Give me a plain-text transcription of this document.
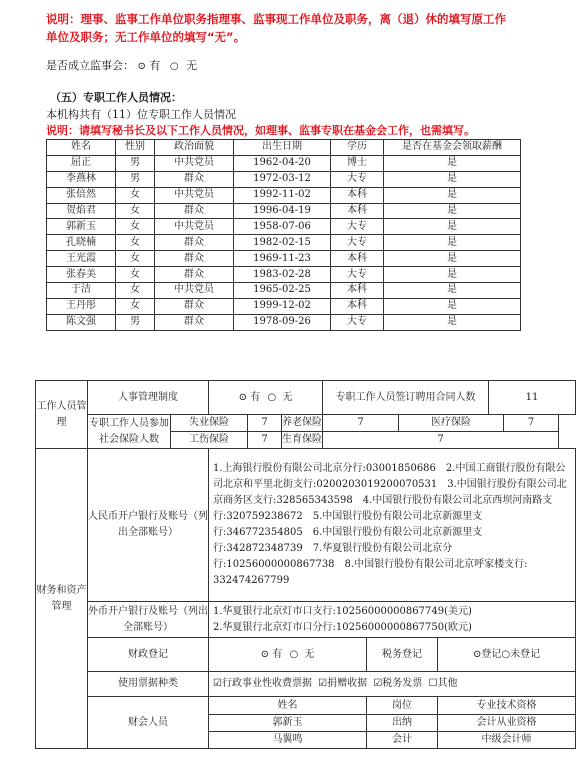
说明：理事、监事工作单位职务指理事、监事现工作单位及职务，离（退）休的填写原工作单位及职务；无工作单位的填写“无”。
是否成立监事会： ⊙ 有 ○ 无
（五）专职工作人员情况：
本机构共有（11）位专职工作人员情况
说明：请填写秘书长及以下工作人员情况，如理事、监事专职在基金会工作，也需填写。
姓名	性别	政治面貌	出生日期	学历	是否在基金会领取薪酬
屈正	男	中共党员	1962-04-20	博士	是
李燕林	男	群众	1972-03-12	大专	是
张倍然	女	中共党员	1992-11-02	本科	是
贺焰君	女	群众	1996-04-19	本科	是
郭新玉	女	中共党员	1958-07-06	大专	是
孔晓楠	女	群众	1982-02-15	大专	是
王光霞	女	群众	1969-11-23	本科	是
张春美	女	群众	1983-02-28	大专	是
于洁	女	中共党员	1965-02-25	本科	是
王丹彤	女	群众	1999-12-02	本科	是
陈文强	男	群众	1978-09-26	大专	是
工作人员管理	人事管理制度		⊙ 有 ○ 无			专职工作人员签订聘用合同人数				11	
	专职工作人员参加社会保险人数	失业保险		7	养老保险	7		医疗保险			7
		工伤保险		7	生育保险	7					
财务和资产管理	人民币开户银行及账号（列出全部账号）		1.上海银行股份有限公司北京分行:03001850686　2.中国工商银行股份有限公司北京和平里北街支行:0200203019200070531　3.中国银行股份有限公司北京商务区支行:328565343598　4.中国银行股份有限公司北京西坝河南路支行:320759238672　5.中国银行股份有限公司北京新源里支行:346772354805　6.中国银行股份有限公司北京新源里支行:342872348739　7.华夏银行股份有限公司北京分行:10256000000867738　8.中国银行股份有限公司北京呼家楼支行: 332474267799								
	外币开户银行及账号（列出全部账号）		1.华夏银行北京灯市口支行:10256000000867749(美元)
2.华夏银行北京灯市口分行:10256000000867750(欧元)								

	财政登记		⊙ 有 ○ 无				税务登记		⊙登记○未登记		
	使用票据种类		☑行政事业性收费票据 ☑捐赠收据 ☑税务发票 ☐其他								
	财会人员		姓名				岗位		专业技术资格		
			郭新玉				出纳		会计从业资格		
			马翼鸣				会计		中级会计师		
